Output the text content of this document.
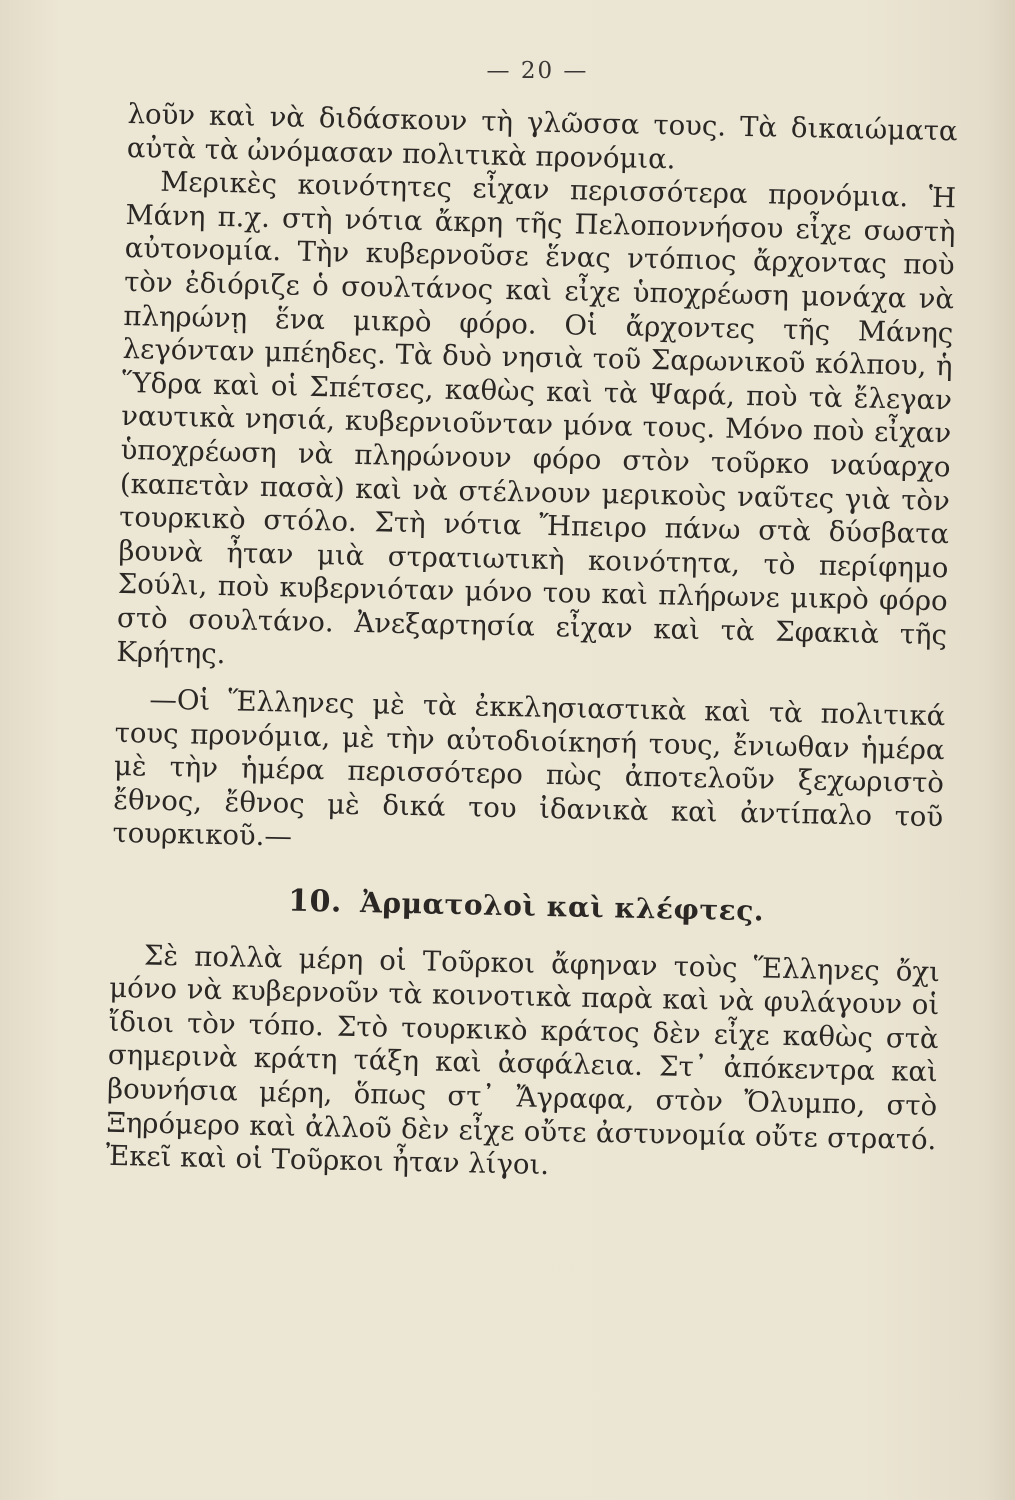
— 20 —

λοῦν καὶ νὰ διδάσκουν τὴ γλῶσσα τους. Τὰ δικαιώματα αὐτὰ τὰ ὠνόμασαν πολιτικὰ προνόμια.

Μερικὲς κοινότητες εἶχαν περισσότερα προνόμια. Ἡ Μάνη π.χ. στὴ νότια ἄκρη τῆς Πελοποννήσου εἶχε σωστὴ αὐτονομία. Τὴν κυβερνοῦσε ἕνας ντόπιος ἄρχοντας ποὺ τὸν ἐδιόριζε ὁ σουλτάνος καὶ εἶχε ὑποχρέωση μονάχα νὰ πληρώνῃ ἕνα μικρὸ φόρο. Οἱ ἄρχοντες τῆς Μάνης λεγόνταν μπέηδες. Τὰ δυὸ νησιὰ τοῦ Σαρωνικοῦ κόλπου, ἡ Ὕδρα καὶ οἱ Σπέτσες, καθὼς καὶ τὰ Ψαρά, ποὺ τὰ ἔλεγαν ναυτικὰ νησιά, κυβερνιοῦνταν μόνα τους. Μόνο ποὺ εἶχαν ὑποχρέωση νὰ πληρώνουν φόρο στὸν τοῦρκο ναύαρχο (καπετὰν πασὰ) καὶ νὰ στέλνουν μερικοὺς ναῦτες γιὰ τὸν τουρκικὸ στόλο. Στὴ νότια Ἤπειρο πάνω στὰ δύσβατα βουνὰ ἦταν μιὰ στρατιωτικὴ κοινότητα, τὸ περίφημο Σούλι, ποὺ κυβερνιόταν μόνο του καὶ πλήρωνε μικρὸ φόρο στὸ σουλτάνο. Ἀνεξαρτησία εἶχαν καὶ τὰ Σφακιὰ τῆς Κρήτης.

—Οἱ Ἕλληνες μὲ τὰ ἐκκλησιαστικὰ καὶ τὰ πολιτικά τους προνόμια, μὲ τὴν αὐτοδιοίκησή τους, ἔνιωθαν ἡμέρα μὲ τὴν ἡμέρα περισσότερο πὼς ἀποτελοῦν ξεχωριστὸ ἔθνος, ἔθνος μὲ δικά του ἰδανικὰ καὶ ἀντίπαλο τοῦ τουρκικοῦ.—

10. Ἀρματολοὶ καὶ κλέφτες.

Σὲ πολλὰ μέρη οἱ Τοῦρκοι ἄφηναν τοὺς Ἕλληνες ὄχι μόνο νὰ κυβερνοῦν τὰ κοινοτικὰ παρὰ καὶ νὰ φυλάγουν οἱ ἴδιοι τὸν τόπο. Στὸ τουρκικὸ κράτος δὲν εἶχε καθὼς στὰ σημερινὰ κράτη τάξη καὶ ἀσφάλεια. Στ᾿ ἀπόκεντρα καὶ βουνήσια μέρη, ὅπως στ᾿ Ἄγραφα, στὸν Ὄλυμπο, στὸ Ξηρόμερο καὶ ἀλλοῦ δὲν εἶχε οὔτε ἀστυνομία οὔτε στρατό. Ἐκεῖ καὶ οἱ Τοῦρκοι ἦταν λίγοι.
